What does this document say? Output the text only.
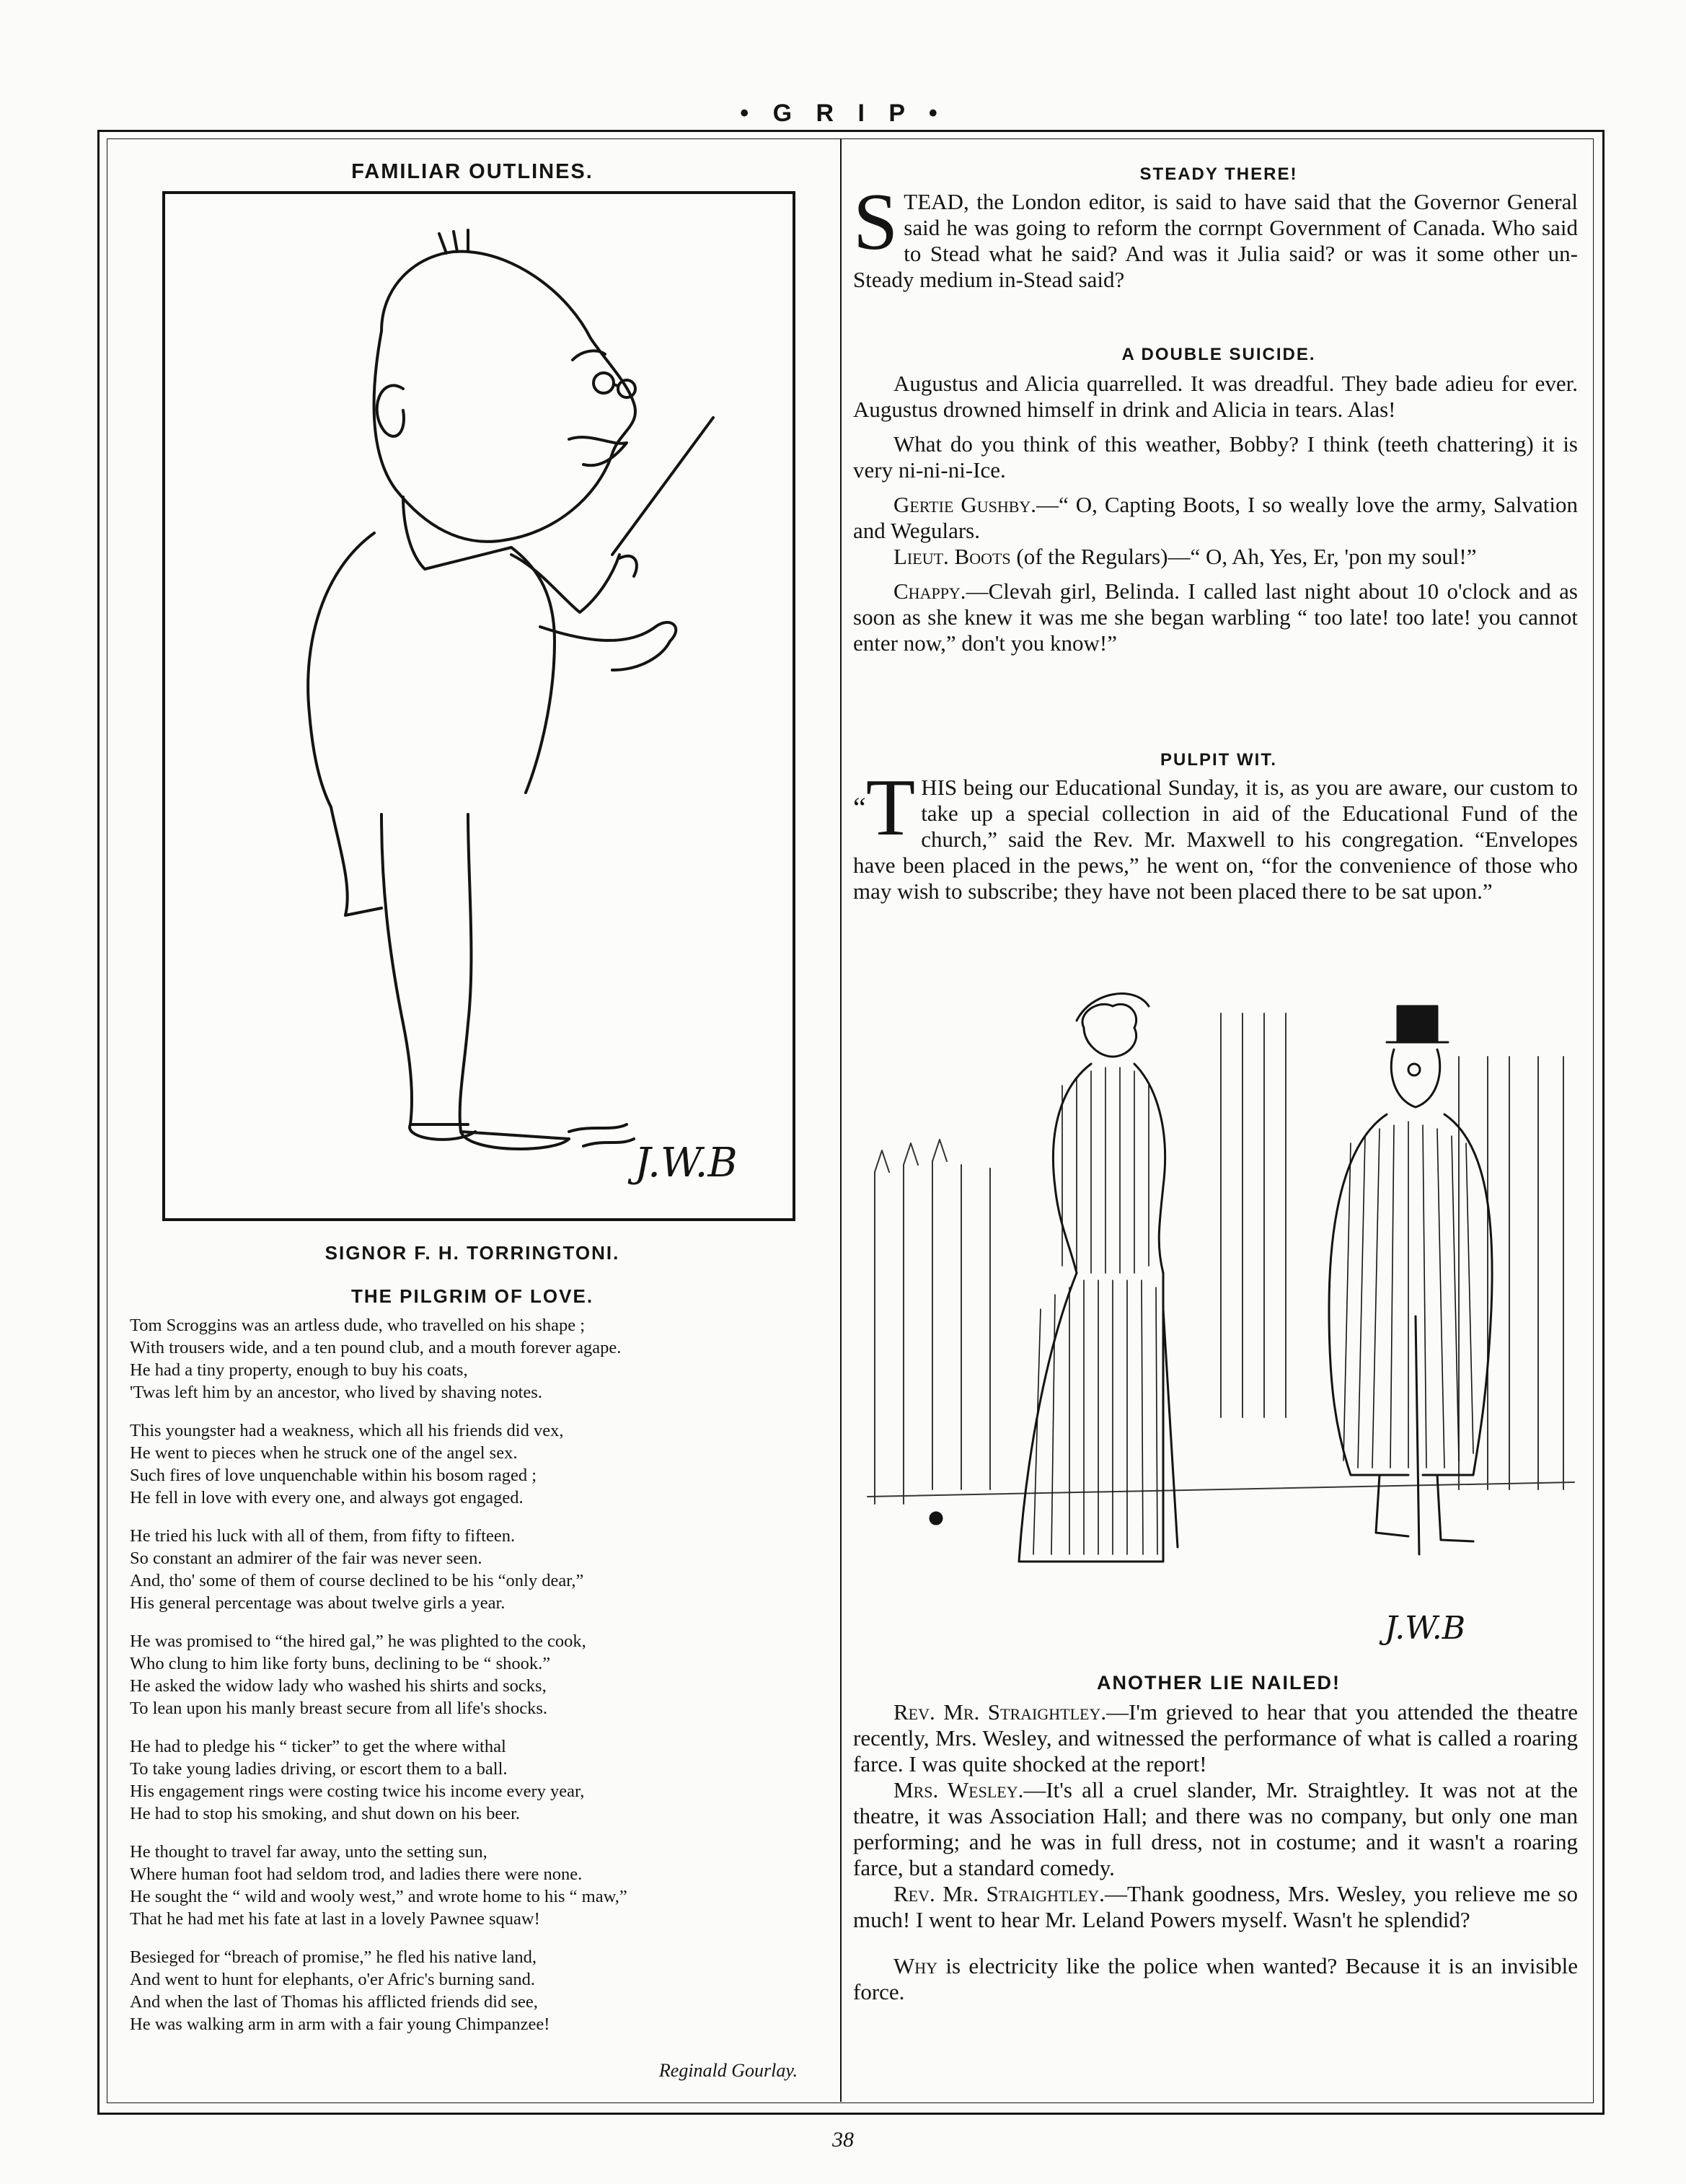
• G R I P •
FAMILIAR OUTLINES.
J.W.B
SIGNOR F. H. TORRINGTONI.
THE PILGRIM OF LOVE.
Tom Scroggins was an artless dude, who travelled on his shape ;
With trousers wide, and a ten pound club, and a mouth forever agape.
He had a tiny property, enough to buy his coats,
'Twas left him by an ancestor, who lived by shaving notes.
This youngster had a weakness, which all his friends did vex,
He went to pieces when he struck one of the angel sex.
Such fires of love unquenchable within his bosom raged ;
He fell in love with every one, and always got engaged.
He tried his luck with all of them, from fifty to fifteen.
So constant an admirer of the fair was never seen.
And, tho' some of them of course declined to be his “only dear,”
His general percentage was about twelve girls a year.
He was promised to “the hired gal,” he was plighted to the cook,
Who clung to him like forty buns, declining to be “ shook.”
He asked the widow lady who washed his shirts and socks,
To lean upon his manly breast secure from all life's shocks.
He had to pledge his “ ticker” to get the where withal
To take young ladies driving, or escort them to a ball.
His engagement rings were costing twice his income every year,
He had to stop his smoking, and shut down on his beer.
He thought to travel far away, unto the setting sun,
Where human foot had seldom trod, and ladies there were none.
He sought the “ wild and wooly west,” and wrote home to his “ maw,”
That he had met his fate at last in a lovely Pawnee squaw!
Besieged for “breach of promise,” he fled his native land,
And went to hunt for elephants, o'er Afric's burning sand.
And when the last of Thomas his afflicted friends did see,
He was walking arm in arm with a fair young Chimpanzee!
Reginald Gourlay.
STEADY THERE!

STEAD, the London editor, is said to have said that the Governor General said he was going to reform the corrnpt Government of Canada. Who said to Stead what he said? And was it Julia said? or was it some other un-Steady medium in-Stead said?

A DOUBLE SUICIDE.

Augustus and Alicia quarrelled. It was dreadful. They bade adieu for ever. Augustus drowned himself in drink and Alicia in tears. Alas!

What do you think of this weather, Bobby? I think (teeth chattering) it is very ni-ni-ni-Ice.

Gertie Gushby.—“ O, Capting Boots, I so weally love the army, Salvation and Wegulars.

Lieut. Boots (of the Regulars)—“ O, Ah, Yes, Er, 'pon my soul!”

Chappy.—Clevah girl, Belinda. I called last night about 10 o'clock and as soon as she knew it was me she began warbling “ too late! too late! you cannot enter now,” don't you know!”

PULPIT WIT.

“T HIS being our Educational Sunday, it is, as you are aware, our custom to take up a special collection in aid of the Educational Fund of the church,” said the Rev. Mr. Maxwell to his congregation. “Envelopes have been placed in the pews,” he went on, “for the convenience of those who may wish to subscribe; they have not been placed there to be sat upon.”

J.W.B
ANOTHER LIE NAILED!

Rev. Mr. Straightley.—I'm grieved to hear that you attended the theatre recently, Mrs. Wesley, and witnessed the performance of what is called a roaring farce. I was quite shocked at the report!

Mrs. Wesley.—It's all a cruel slander, Mr. Straightley. It was not at the theatre, it was Association Hall; and there was no company, but only one man performing; and he was in full dress, not in costume; and it wasn't a roaring farce, but a standard comedy.

Rev. Mr. Straightley.—Thank goodness, Mrs. Wesley, you relieve me so much! I went to hear Mr. Leland Powers myself. Wasn't he splendid?

Why is electricity like the police when wanted? Because it is an invisible force.

38
